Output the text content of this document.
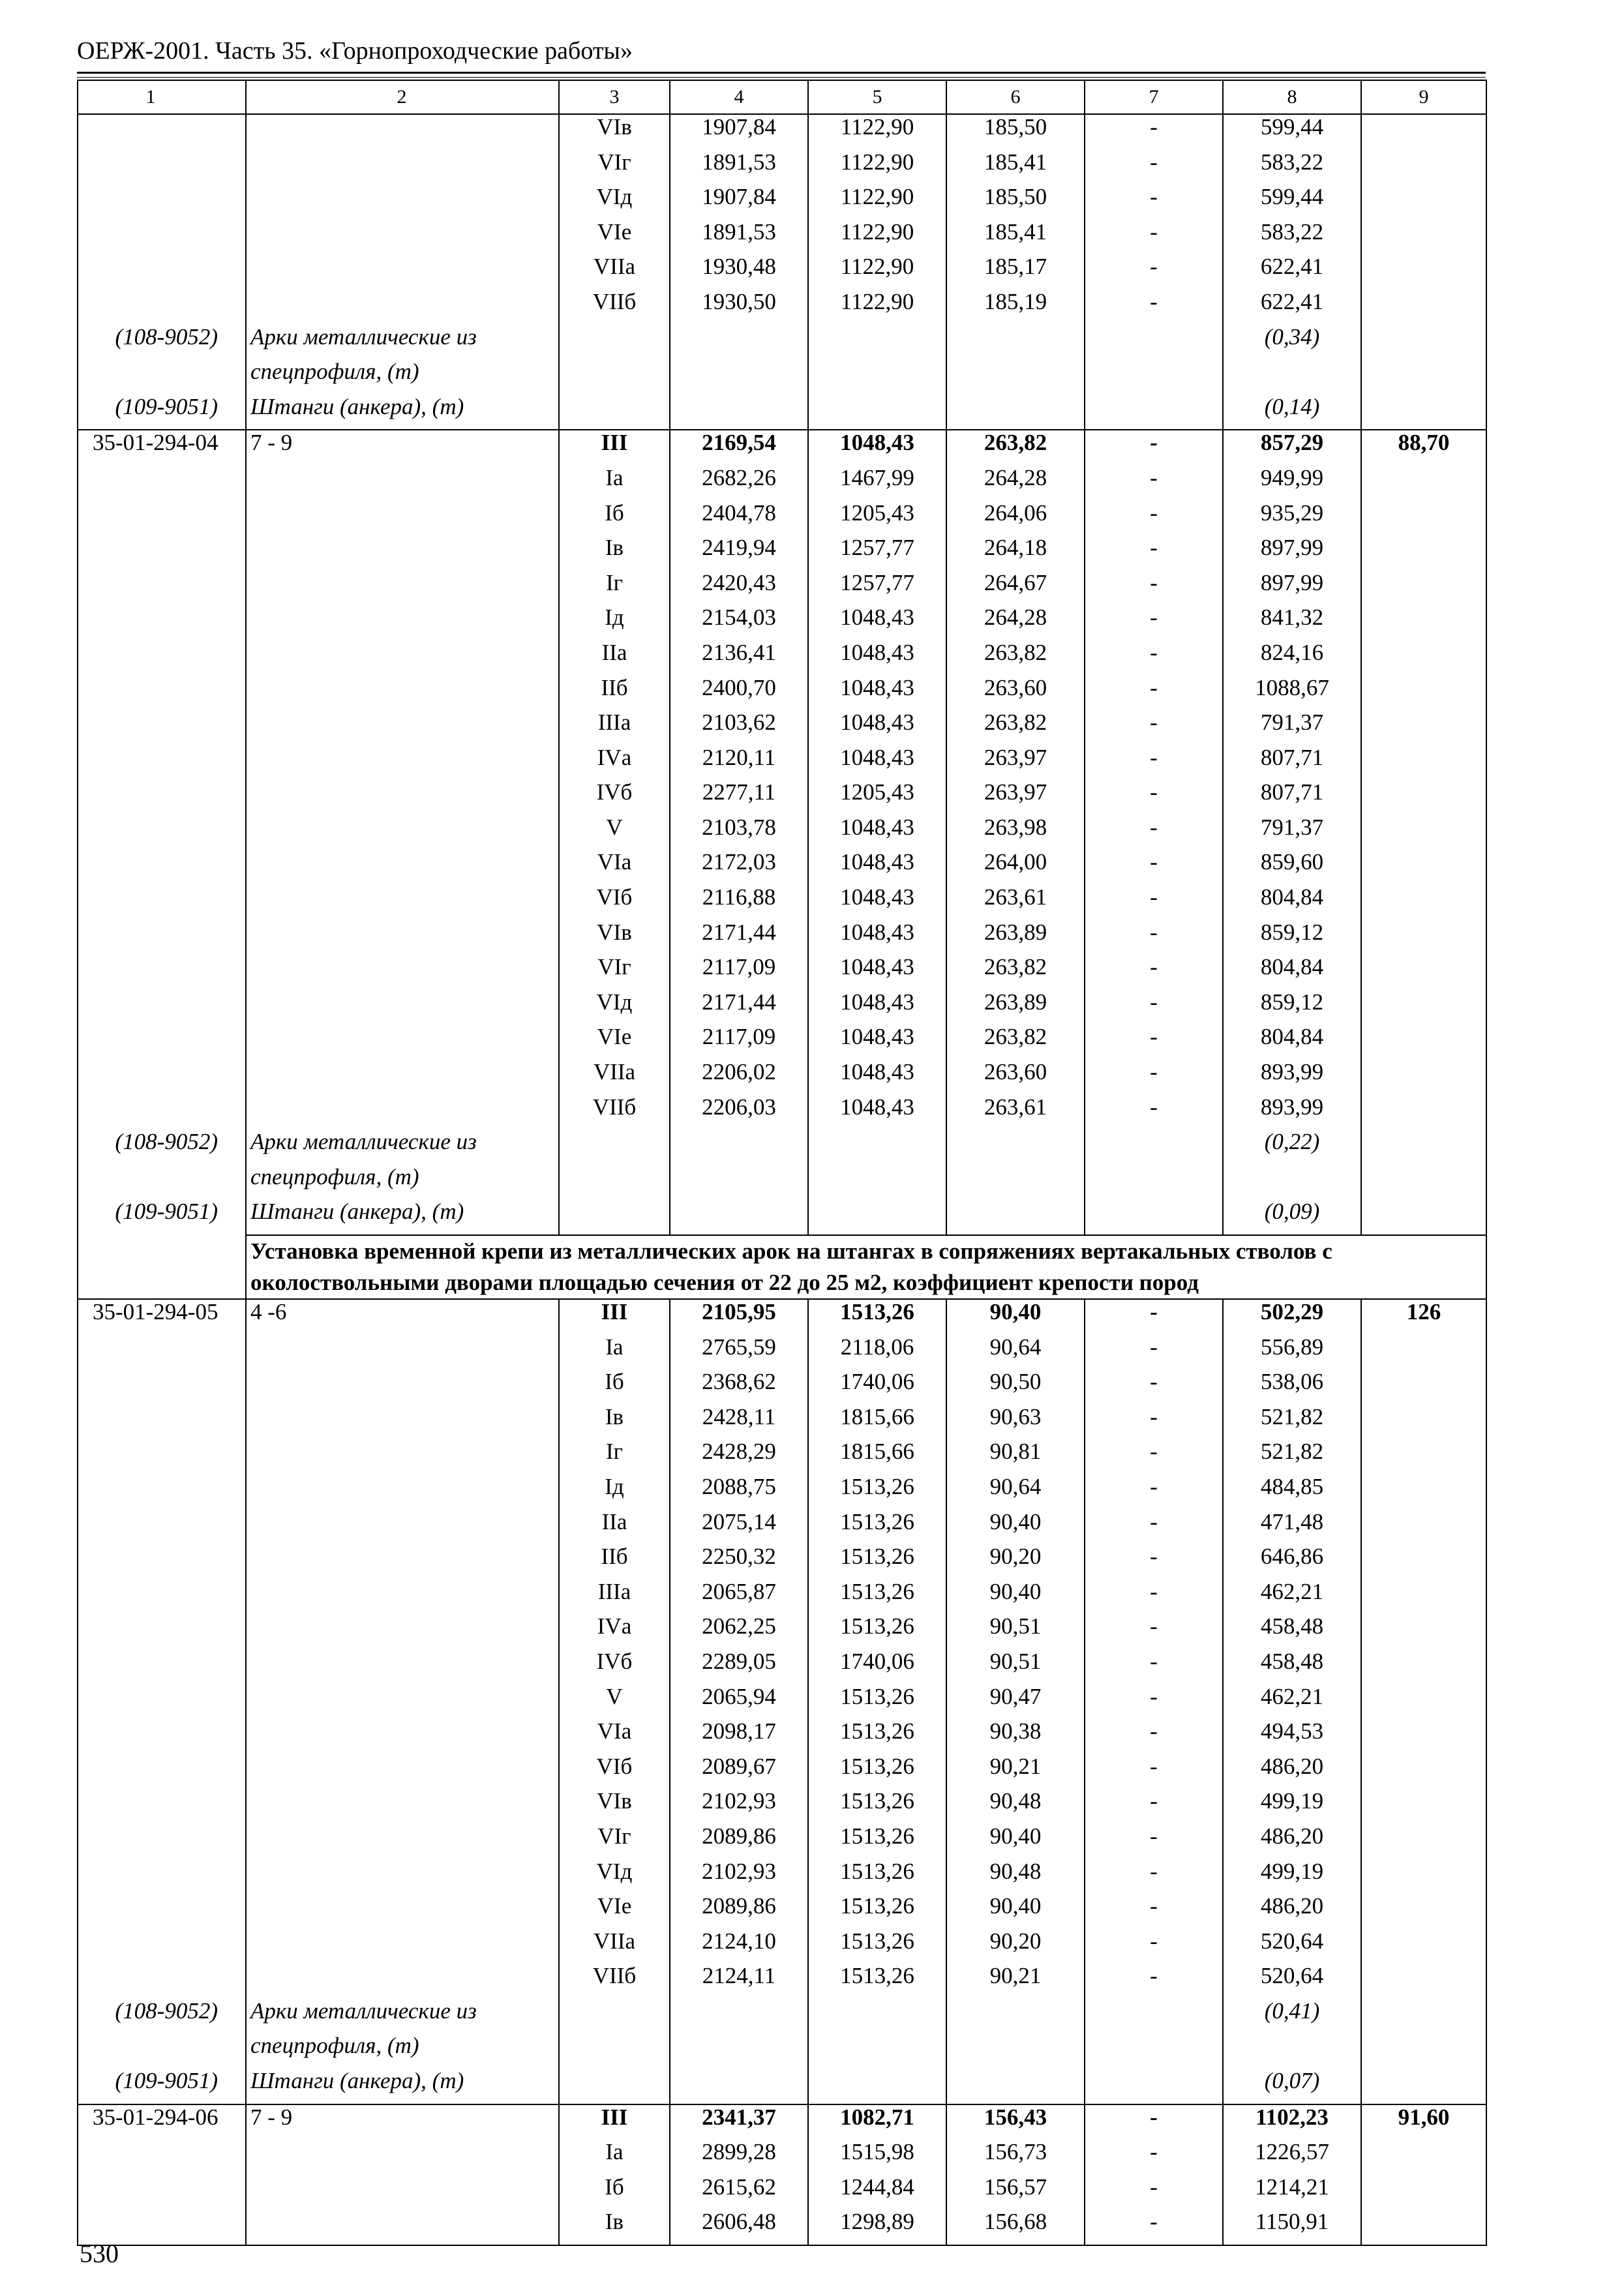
ОЕРЖ-2001. Часть 35. «Горнопроходческие работы»
1	2	3	4	5	6	7	8	9
		VIв	1907,84	1122,90	185,50	-	599,44	
		VIг	1891,53	1122,90	185,41	-	583,22	
		VIд	1907,84	1122,90	185,50	-	599,44	
		VIе	1891,53	1122,90	185,41	-	583,22	
		VIIа	1930,48	1122,90	185,17	-	622,41	
		VIIб	1930,50	1122,90	185,19	-	622,41	
(108-9052)	Арки металлические из						(0,34)	
	спецпрофиля, (т)							
(109-9051)	Штанги (анкера), (т)						(0,14)	
35-01-294-04	7 - 9	III	2169,54	1048,43	263,82	-	857,29	88,70
		Iа	2682,26	1467,99	264,28	-	949,99	
		Iб	2404,78	1205,43	264,06	-	935,29	
		Iв	2419,94	1257,77	264,18	-	897,99	
		Iг	2420,43	1257,77	264,67	-	897,99	
		Iд	2154,03	1048,43	264,28	-	841,32	
		IIа	2136,41	1048,43	263,82	-	824,16	
		IIб	2400,70	1048,43	263,60	-	1088,67	
		IIIа	2103,62	1048,43	263,82	-	791,37	
		IVа	2120,11	1048,43	263,97	-	807,71	
		IVб	2277,11	1205,43	263,97	-	807,71	
		V	2103,78	1048,43	263,98	-	791,37	
		VIа	2172,03	1048,43	264,00	-	859,60	
		VIб	2116,88	1048,43	263,61	-	804,84	
		VIв	2171,44	1048,43	263,89	-	859,12	
		VIг	2117,09	1048,43	263,82	-	804,84	
		VIд	2171,44	1048,43	263,89	-	859,12	
		VIе	2117,09	1048,43	263,82	-	804,84	
		VIIа	2206,02	1048,43	263,60	-	893,99	
		VIIб	2206,03	1048,43	263,61	-	893,99	
(108-9052)	Арки металлические из						(0,22)	
	спецпрофиля, (т)							
(109-9051)	Штанги (анкера), (т)						(0,09)	
	Установка временной крепи из металлических арок на штангах в сопряжениях вертакальных стволов с околоствольными дворами площадью сечения от 22 до 25 м2, коэффициент крепости пород							
35-01-294-05	4 -6	III	2105,95	1513,26	90,40	-	502,29	126
		Iа	2765,59	2118,06	90,64	-	556,89	
		Iб	2368,62	1740,06	90,50	-	538,06	
		Iв	2428,11	1815,66	90,63	-	521,82	
		Iг	2428,29	1815,66	90,81	-	521,82	
		Iд	2088,75	1513,26	90,64	-	484,85	
		IIа	2075,14	1513,26	90,40	-	471,48	
		IIб	2250,32	1513,26	90,20	-	646,86	
		IIIа	2065,87	1513,26	90,40	-	462,21	
		IVа	2062,25	1513,26	90,51	-	458,48	
		IVб	2289,05	1740,06	90,51	-	458,48	
		V	2065,94	1513,26	90,47	-	462,21	
		VIа	2098,17	1513,26	90,38	-	494,53	
		VIб	2089,67	1513,26	90,21	-	486,20	
		VIв	2102,93	1513,26	90,48	-	499,19	
		VIг	2089,86	1513,26	90,40	-	486,20	
		VIд	2102,93	1513,26	90,48	-	499,19	
		VIе	2089,86	1513,26	90,40	-	486,20	
		VIIа	2124,10	1513,26	90,20	-	520,64	
		VIIб	2124,11	1513,26	90,21	-	520,64	
(108-9052)	Арки металлические из						(0,41)	
	спецпрофиля, (т)							
(109-9051)	Штанги (анкера), (т)						(0,07)	
35-01-294-06	7 - 9	III	2341,37	1082,71	156,43	-	1102,23	91,60
		Iа	2899,28	1515,98	156,73	-	1226,57	
		Iб	2615,62	1244,84	156,57	-	1214,21	
		Iв	2606,48	1298,89	156,68	-	1150,91	
530
